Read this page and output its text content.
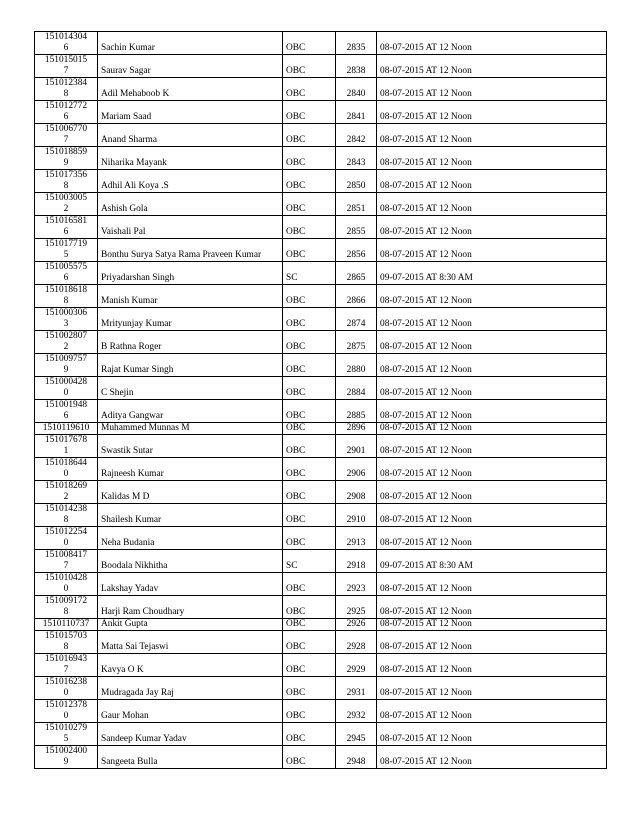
151014304
6	Sachin Kumar	OBC	2835	08-07-2015 AT 12 Noon

151015015
7	Saurav Sagar	OBC	2838	08-07-2015 AT 12 Noon

151012384
8	Adil Mehaboob K	OBC	2840	08-07-2015 AT 12 Noon

151012772
6	Mariam Saad	OBC	2841	08-07-2015 AT 12 Noon

151006770
7	Anand Sharma	OBC	2842	08-07-2015 AT 12 Noon

151018859
9	Niharika Mayank	OBC	2843	08-07-2015 AT 12 Noon

151017356
8	Adhil Ali Koya .S	OBC	2850	08-07-2015 AT 12 Noon

151003005
2	Ashish Gola	OBC	2851	08-07-2015 AT 12 Noon

151016581
6	Vaishali Pal	OBC	2855	08-07-2015 AT 12 Noon

151017719
5	Bonthu Surya Satya Rama Praveen Kumar	OBC	2856	08-07-2015 AT 12 Noon

151005575
6	Priyadarshan Singh	SC	2865	09-07-2015 AT 8:30 AM

151018618
8	Manish Kumar	OBC	2866	08-07-2015 AT 12 Noon

151000306
3	Mrityunjay Kumar	OBC	2874	08-07-2015 AT 12 Noon

151002807
2	B Rathna Roger	OBC	2875	08-07-2015 AT 12 Noon

151009757
9	Rajat Kumar Singh	OBC	2880	08-07-2015 AT 12 Noon

151000428
0	C Shejin	OBC	2884	08-07-2015 AT 12 Noon

151001948
6	Aditya Gangwar	OBC	2885	08-07-2015 AT 12 Noon

1510119610	Muhammed Munnas M	OBC	2896	08-07-2015 AT 12 Noon

151017678
1	Swastik Sutar	OBC	2901	08-07-2015 AT 12 Noon

151018644
0	Rajneesh Kumar	OBC	2906	08-07-2015 AT 12 Noon

151018269
2	Kalidas M D	OBC	2908	08-07-2015 AT 12 Noon

151014238
8	Shailesh Kumar	OBC	2910	08-07-2015 AT 12 Noon

151012254
0	Neha Budania	OBC	2913	08-07-2015 AT 12 Noon

151008417
7	Boodala Nikhitha	SC	2918	09-07-2015 AT 8:30 AM

151010428
0	Lakshay Yadav	OBC	2923	08-07-2015 AT 12 Noon

151009172
8	Harji Ram Choudhary	OBC	2925	08-07-2015 AT 12 Noon

1510110737	Ankit Gupta	OBC	2926	08-07-2015 AT 12 Noon

151015703
8	Matta Sai Tejaswi	OBC	2928	08-07-2015 AT 12 Noon

151016943
7	Kavya O K	OBC	2929	08-07-2015 AT 12 Noon

151016238
0	Mudragada Jay Raj	OBC	2931	08-07-2015 AT 12 Noon

151012378
0	Gaur Mohan	OBC	2932	08-07-2015 AT 12 Noon

151010279
5	Sandeep Kumar Yadav	OBC	2945	08-07-2015 AT 12 Noon

151002400
9	Sangeeta Bulla	OBC	2948	08-07-2015 AT 12 Noon
